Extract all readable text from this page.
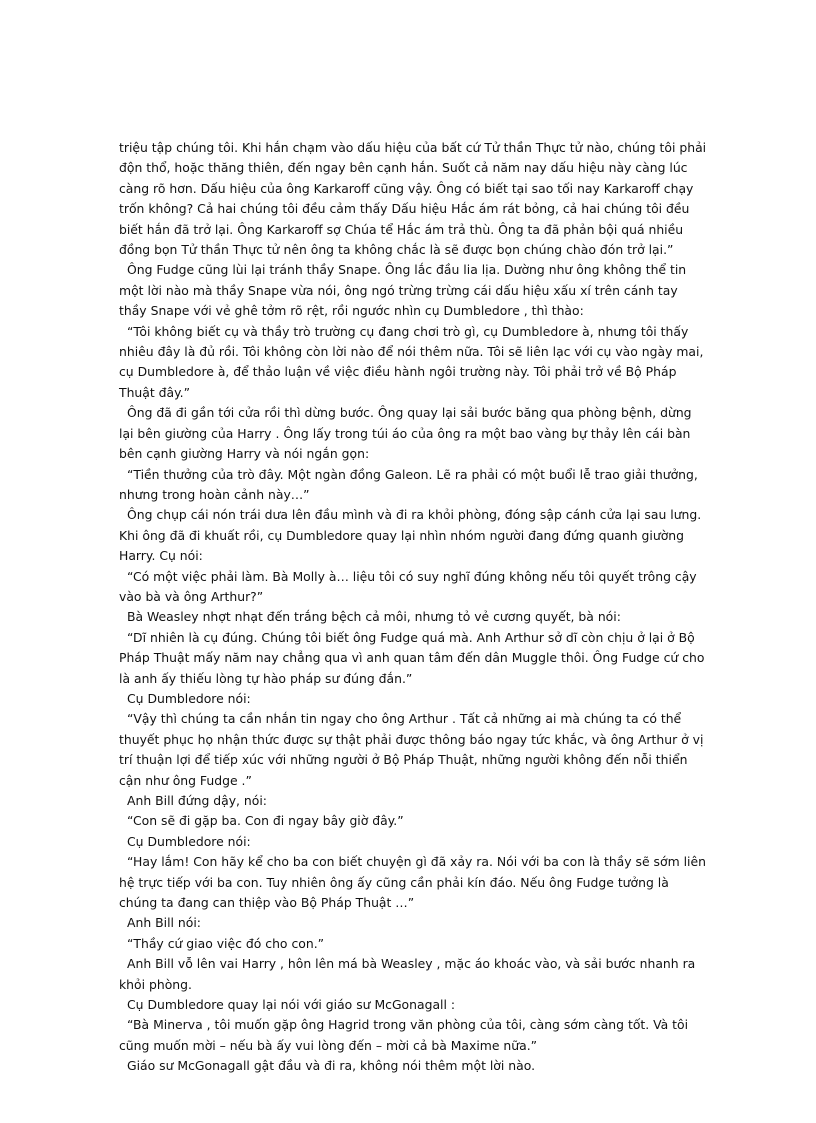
triệu tập chúng tôi. Khi hắn chạm vào dấu hiệu của bất cứ Tử thần Thực tử nào, chúng tôi phải độn thổ, hoặc thăng thiên, đến ngay bên cạnh hắn. Suốt cả năm nay dấu hiệu này càng lúc càng rõ hơn. Dấu hiệu của ông Karkaroff cũng vậy. Ông có biết tại sao tối nay Karkaroff chạy trốn không? Cả hai chúng tôi đều cảm thấy Dấu hiệu Hắc ám rát bỏng, cả hai chúng tôi đều biết hắn đã trở lại. Ông Karkaroff sợ Chúa tể Hắc ám trả thù. Ông ta đã phản bội quá nhiều đồng bọn Tử thần Thực tử nên ông ta không chắc là sẽ được bọn chúng chào đón trở lại.”

Ông Fudge cũng lùi lại tránh thầy Snape. Ông lắc đầu lia lịa. Dường như ông không thể tin một lời nào mà thầy Snape vừa nói, ông ngó trừng trừng cái dấu hiệu xấu xí trên cánh tay thầy Snape với vẻ ghê tởm rõ rệt, rồi ngước nhìn cụ Dumbledore , thì thào:

“Tôi không biết cụ và thầy trò trường cụ đang chơi trò gì, cụ Dumbledore à, nhưng tôi thấy nhiêu đây là đủ rồi. Tôi không còn lời nào để nói thêm nữa. Tôi sẽ liên lạc với cụ vào ngày mai, cụ Dumbledore à, để thảo luận về việc điều hành ngôi trường này. Tôi phải trở về Bộ Pháp Thuật đây.”

Ông đã đi gần tới cửa rồi thì dừng bước. Ông quay lại sải bước băng qua phòng bệnh, dừng lại bên giường của Harry . Ông lấy trong túi áo của ông ra một bao vàng bự thảy lên cái bàn bên cạnh giường Harry và nói ngắn gọn:

“Tiền thưởng của trò đây. Một ngàn đồng Galeon. Lẽ ra phải có một buổi lễ trao giải thưởng, nhưng trong hoàn cảnh này…”

Ông chụp cái nón trái dưa lên đầu mình và đi ra khỏi phòng, đóng sập cánh cửa lại sau lưng. Khi ông đã đi khuất rồi, cụ Dumbledore quay lại nhìn nhóm người đang đứng quanh giường Harry. Cụ nói:

“Có một việc phải làm. Bà Molly à… liệu tôi có suy nghĩ đúng không nếu tôi quyết trông cậy vào bà và ông Arthur?”

Bà Weasley nhợt nhạt đến trắng bệch cả môi, nhưng tỏ vẻ cương quyết, bà nói:

“Dĩ nhiên là cụ đúng. Chúng tôi biết ông Fudge quá mà. Anh Arthur sở dĩ còn chịu ở lại ở Bộ Pháp Thuật mấy năm nay chẳng qua vì anh quan tâm đến dân Muggle thôi. Ông Fudge cứ cho là anh ấy thiếu lòng tự hào pháp sư đúng đắn.”

Cụ Dumbledore nói:

“Vậy thì chúng ta cần nhắn tin ngay cho ông Arthur . Tất cả những ai mà chúng ta có thể thuyết phục họ nhận thức được sự thật phải được thông báo ngay tức khắc, và ông Arthur ở vị trí thuận lợi để tiếp xúc với những người ở Bộ Pháp Thuật, những người không đến nỗi thiển cận như ông Fudge .”

Anh Bill đứng dậy, nói:

“Con sẽ đi gặp ba. Con đi ngay bây giờ đây.”

Cụ Dumbledore nói:

“Hay lắm! Con hãy kể cho ba con biết chuyện gì đã xảy ra. Nói với ba con là thầy sẽ sớm liên hệ trực tiếp với ba con. Tuy nhiên ông ấy cũng cần phải kín đáo. Nếu ông Fudge tưởng là chúng ta đang can thiệp vào Bộ Pháp Thuật …”

Anh Bill nói:

“Thầy cứ giao việc đó cho con.”

Anh Bill vỗ lên vai Harry , hôn lên má bà Weasley , mặc áo khoác vào, và sải bước nhanh ra khỏi phòng.

Cụ Dumbledore quay lại nói với giáo sư McGonagall :

“Bà Minerva , tôi muốn gặp ông Hagrid trong văn phòng của tôi, càng sớm càng tốt. Và tôi cũng muốn mời – nếu bà ấy vui lòng đến – mời cả bà Maxime nữa.”

Giáo sư McGonagall gật đầu và đi ra, không nói thêm một lời nào.
